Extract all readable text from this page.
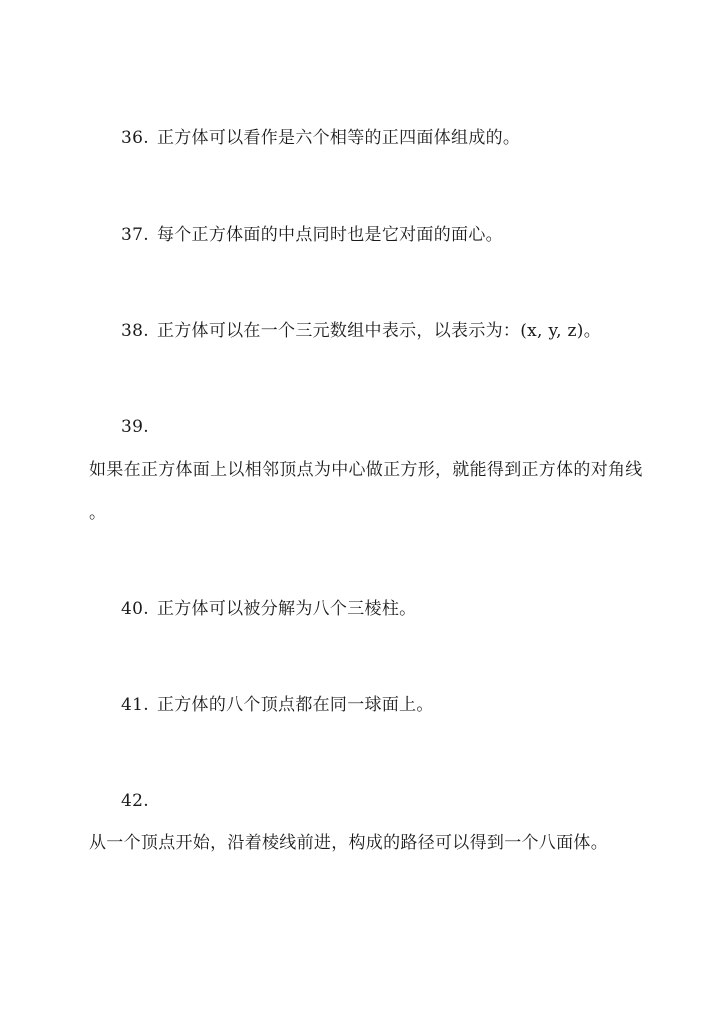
36. 正方体可以看作是六个相等的正四面体组成的。
37. 每个正方体面的中点同时也是它对面的面心。
38. 正方体可以在一个三元数组中表示，以表示为：(x, y, z)。
39.
如果在正方体面上以相邻顶点为中心做正方形，就能得到正方体的对角线
。
40. 正方体可以被分解为八个三棱柱。
41. 正方体的八个顶点都在同一球面上。
42.
从一个顶点开始，沿着棱线前进，构成的路径可以得到一个八面体。
